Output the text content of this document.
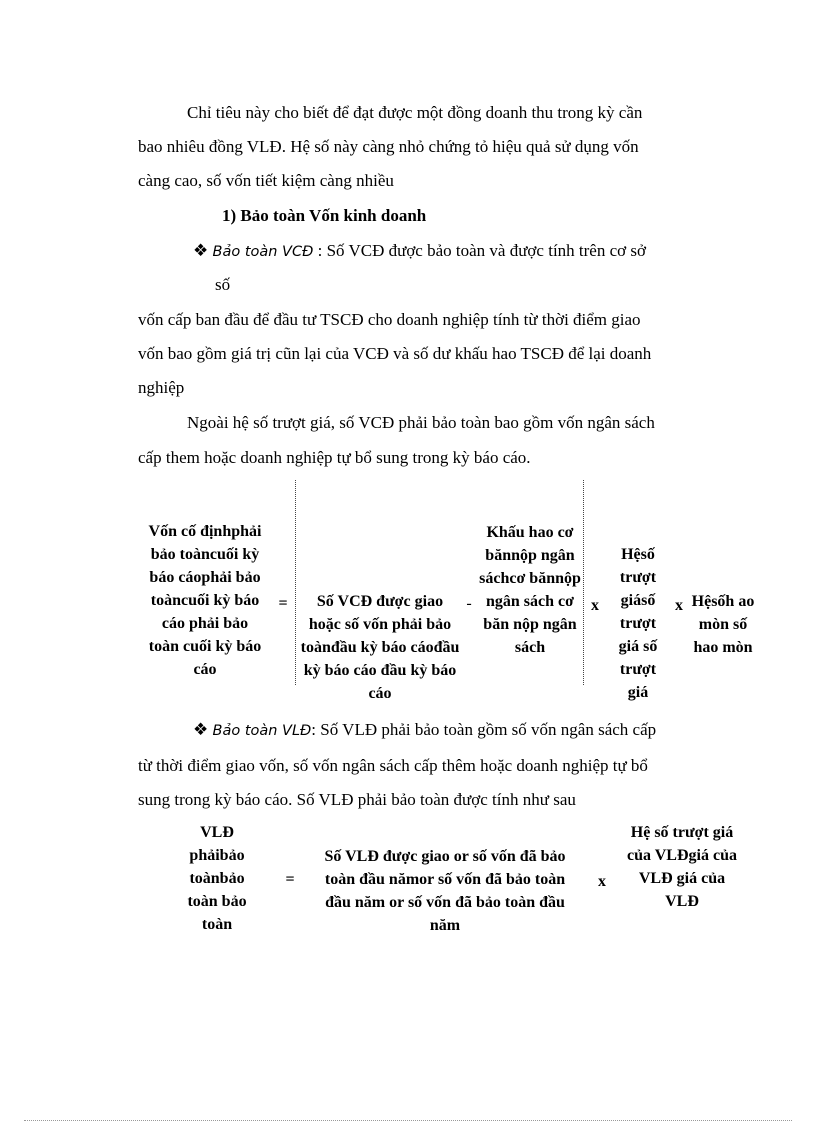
Chỉ tiêu này cho biết để đạt được một đồng doanh thu trong kỳ cần
bao nhiêu đồng VLĐ. Hệ số này càng nhỏ chứng tỏ hiệu quả sử dụng vốn
càng cao, số vốn tiết kiệm càng nhiều
1) Bảo toàn Vốn kinh doanh
❖ Bảo toàn VCĐ : Số VCĐ được bảo toàn và được tính trên cơ sở
số
vốn cấp ban đầu để đầu tư TSCĐ cho doanh nghiệp tính từ thời điểm giao
vốn bao gồm giá trị cũn lại của VCĐ và số dư khấu hao TSCĐ để lại doanh
nghiệp
Ngoài hệ số trượt giá, số VCĐ phải bảo toàn bao gồm vốn ngân sách
cấp them hoặc doanh nghiệp tự bổ sung trong kỳ báo cáo.
Vốn cố địnhphải bảo toàncuối kỳ báo cáophải bảo toàncuối kỳ báo cáo phải bảo toàn cuối kỳ báo cáo
=	Số VCĐ được giao hoặc số vốn phải bảo toànđầu kỳ báo cáođầu kỳ báo cáo đầu kỳ báo cáo
-
Khấu hao cơ bănnộp ngân sáchcơ bănnộp ngân sách cơ băn nộp ngân sách
x
Hệsố trượt giásố trượt giá số trượt giá
x Hệsốh ao mòn số hao mòn
❖ Bảo toàn VLĐ: Số VLĐ phải bảo toàn gồm số vốn ngân sách cấp
từ thời điểm giao vốn, số vốn ngân sách cấp thêm hoặc doanh nghiệp tự bổ
sung trong kỳ báo cáo. Số VLĐ phải bảo toàn được tính như sau
VLĐ phảibảo toànbảo toàn bảo toàn
=
Số VLĐ được giao or số vốn đã bảo toàn đầu nămor số vốn đã bảo toàn đầu năm or số vốn đã bảo toàn đầu năm
x
Hệ số trượt giá của VLĐgiá của VLĐ giá của VLĐ
